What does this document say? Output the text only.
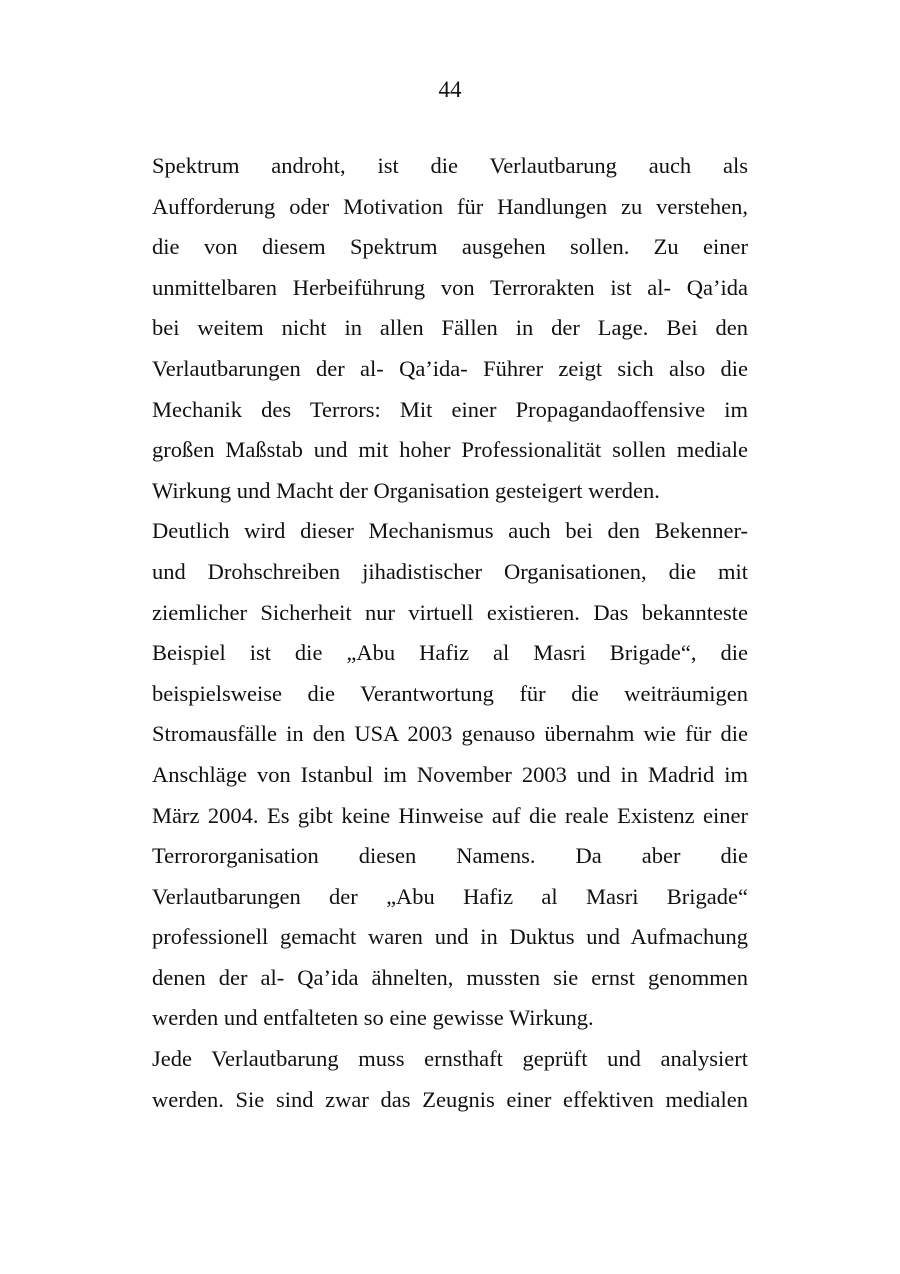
44
Spektrum androht, ist die Verlautbarung auch als
Aufforderung oder Motivation für Handlungen zu verstehen,
die von diesem Spektrum ausgehen sollen. Zu einer
unmittelbaren Herbeiführung von Terrorakten ist al- Qa’ida
bei weitem nicht in allen Fällen in der Lage. Bei den
Verlautbarungen der al- Qa’ida- Führer zeigt sich also die
Mechanik des Terrors: Mit einer Propagandaoffensive im
großen Maßstab und mit hoher Professionalität sollen mediale
Wirkung und Macht der Organisation gesteigert werden.
Deutlich wird dieser Mechanismus auch bei den Bekenner-
und Drohschreiben jihadistischer Organisationen, die mit
ziemlicher Sicherheit nur virtuell existieren. Das bekannteste
Beispiel ist die „Abu Hafiz al Masri Brigade“, die
beispielsweise die Verantwortung für die weiträumigen
Stromausfälle in den USA 2003 genauso übernahm wie für die
Anschläge von Istanbul im November 2003 und in Madrid im
März 2004. Es gibt keine Hinweise auf die reale Existenz einer
Terrororganisation diesen Namens. Da aber die
Verlautbarungen der „Abu Hafiz al Masri Brigade“
professionell gemacht waren und in Duktus und Aufmachung
denen der al- Qa’ida ähnelten, mussten sie ernst genommen
werden und entfalteten so eine gewisse Wirkung.
Jede Verlautbarung muss ernsthaft geprüft und analysiert
werden. Sie sind zwar das Zeugnis einer effektiven medialen
